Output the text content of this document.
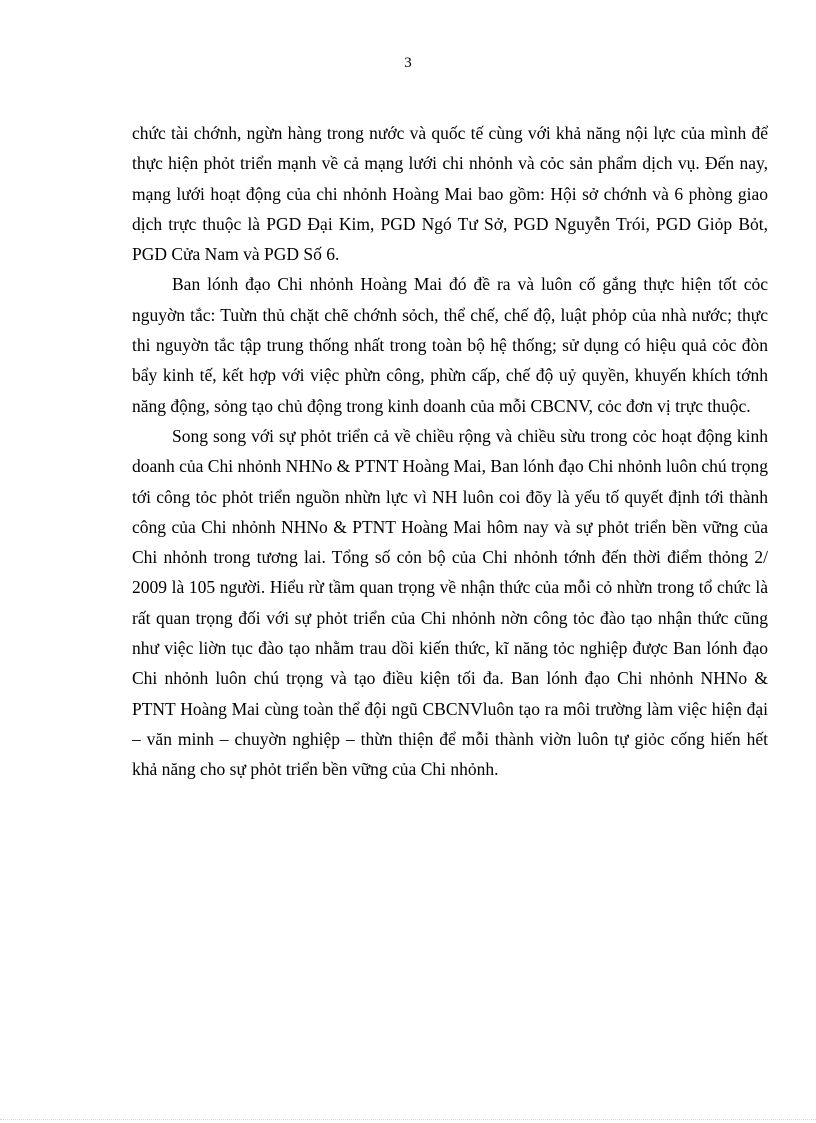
3

chức tài chớnh, ngừn hàng trong nước và quốc tế cùng với khả năng nội lực của mình để thực hiện phỏt triển mạnh về cả mạng lưới chi nhỏnh và cỏc sản phẩm dịch vụ. Đến nay, mạng lưới hoạt động của chi nhỏnh Hoàng Mai bao gồm: Hội sở chớnh và 6 phòng giao dịch trực thuộc là PGD Đại Kim, PGD Ngó Tư Sở, PGD Nguyễn Trói, PGD Giỏp Bỏt, PGD Cửa Nam và PGD Số 6.

Ban lónh đạo Chi nhỏnh Hoàng Mai đó đề ra và luôn cố gắng thực hiện tốt cỏc nguyờn tắc: Tuừn thủ chặt chẽ chớnh sỏch, thể chế, chế độ, luật phỏp của nhà nước; thực thi nguyờn tắc tập trung thống nhất trong toàn bộ hệ thống; sử dụng có hiệu quả cỏc đòn bẩy kinh tế, kết hợp với việc phừn công, phừn cấp, chế độ uỷ quyền, khuyến khích tớnh năng động, sỏng tạo chủ động trong kinh doanh của mỗi CBCNV, cỏc đơn vị trực thuộc.

Song song với sự phỏt triển cả về chiều rộng và chiều sừu trong cỏc hoạt động kinh doanh của Chi nhỏnh NHNo & PTNT Hoàng Mai, Ban lónh đạo Chi nhỏnh luôn chú trọng tới công tỏc phỏt triển nguồn nhừn lực vì NH luôn coi đõy là yếu tố quyết định tới thành công của Chi nhỏnh NHNo & PTNT Hoàng Mai hôm nay và sự phỏt triển bền vững của Chi nhỏnh trong tương lai. Tổng số cỏn bộ của Chi nhỏnh tớnh đến thời điểm thỏng 2/ 2009 là 105 người. Hiểu rừ tầm quan trọng về nhận thức của mỗi cỏ nhừn trong tổ chức là rất quan trọng đối với sự phỏt triển của Chi nhỏnh nờn công tỏc đào tạo nhận thức cũng như việc liờn tục đào tạo nhằm trau dồi kiến thức, kĩ năng tỏc nghiệp được Ban lónh đạo Chi nhỏnh luôn chú trọng và tạo điều kiện tối đa. Ban lónh đạo Chi nhỏnh NHNo & PTNT Hoàng Mai cùng toàn thể đội ngũ CBCNVluôn tạo ra môi trường làm việc hiện đại – văn minh – chuyờn nghiệp – thừn thiện để mỗi thành viờn luôn tự giỏc cống hiến hết khả năng cho sự phỏt triển bền vững của Chi nhỏnh.
